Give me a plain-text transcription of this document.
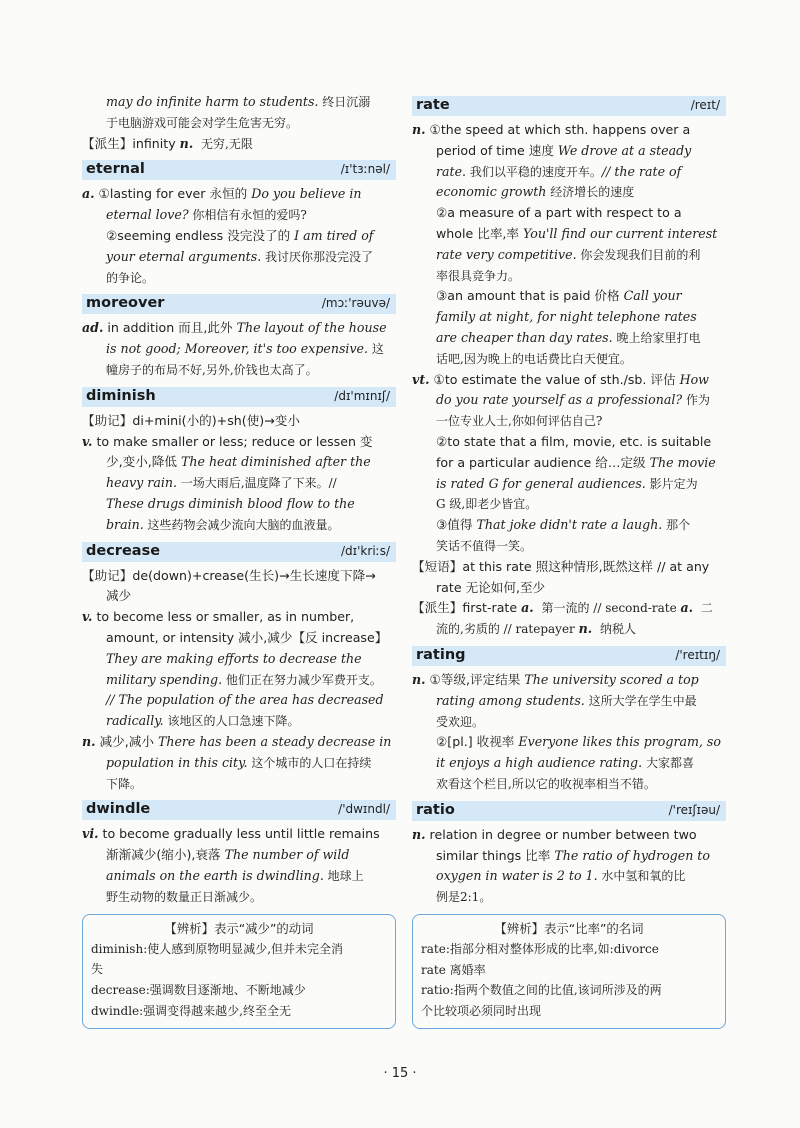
may do infinite harm to students. 终日沉溺
于电脑游戏可能会对学生危害无穷。
【派生】infinity n. 无穷,无限
eternal	/ɪ'tɜːnəl/
a. ①lasting for ever 永恒的 Do you believe in
eternal love? 你相信有永恒的爱吗?
②seeming endless 没完没了的 I am tired of
your eternal arguments. 我讨厌你那没完没了
的争论。
moreover	/mɔː'rəuvə/
ad. in addition 而且,此外 The layout of the house
is not good; Moreover, it's too expensive. 这
幢房子的布局不好,另外,价钱也太高了。
diminish	/dɪ'mɪnɪʃ/
【助记】di+mini(小的)+sh(使)→变小
v. to make smaller or less; reduce or lessen 变
少,变小,降低 The heat diminished after the
heavy rain. 一场大雨后,温度降了下来。//
These drugs diminish blood flow to the
brain. 这些药物会减少流向大脑的血液量。
decrease	/dɪ'kriːs/
【助记】de(down)+crease(生长)→生长速度下降→
减少
v. to become less or smaller, as in number,
amount, or intensity 减小,减少【反 increase】
They are making efforts to decrease the
military spending. 他们正在努力减少军费开支。
// The population of the area has decreased
radically. 该地区的人口急速下降。
n. 减少,减小 There has been a steady decrease in
population in this city. 这个城市的人口在持续
下降。
dwindle	/'dwɪndl/
vi. to become gradually less until little remains
渐渐减少(缩小),衰落 The number of wild
animals on the earth is dwindling. 地球上
野生动物的数量正日渐减少。
【辨析】表示“减少”的动词
diminish:使人感到原物明显减少,但并未完全消
失
decrease:强调数目逐渐地、不断地减少
dwindle:强调变得越来越少,终至全无
rate	/reɪt/
n. ①the speed at which sth. happens over a
period of time 速度 We drove at a steady
rate. 我们以平稳的速度开车。// the rate of
economic growth 经济增长的速度
②a measure of a part with respect to a
whole 比率,率 You'll find our current interest
rate very competitive. 你会发现我们目前的利
率很具竞争力。
③an amount that is paid 价格 Call your
family at night, for night telephone rates
are cheaper than day rates. 晚上给家里打电
话吧,因为晚上的电话费比白天便宜。
vt. ①to estimate the value of sth./sb. 评估 How
do you rate yourself as a professional? 作为
一位专业人士,你如何评估自己?
②to state that a film, movie, etc. is suitable
for a particular audience 给…定级 The movie
is rated G for general audiences. 影片定为
G 级,即老少皆宜。
③值得 That joke didn't rate a laugh. 那个
笑话不值得一笑。
【短语】at this rate 照这种情形,既然这样 // at any
rate 无论如何,至少
【派生】first-rate a. 第一流的 // second-rate a. 二
流的,劣质的 // ratepayer n. 纳税人
rating	/'reɪtɪŋ/
n. ①等级,评定结果 The university scored a top
rating among students. 这所大学在学生中最
受欢迎。
②[pl.] 收视率 Everyone likes this program, so
it enjoys a high audience rating. 大家都喜
欢看这个栏目,所以它的收视率相当不错。
ratio	/'reɪʃɪəu/
n. relation in degree or number between two
similar things 比率 The ratio of hydrogen to
oxygen in water is 2 to 1. 水中氢和氧的比
例是2:1。
【辨析】表示“比率”的名词
rate:指部分相对整体形成的比率,如:divorce
rate 离婚率
ratio:指两个数值之间的比值,该词所涉及的两
个比较项必须同时出现
· 15 ·
